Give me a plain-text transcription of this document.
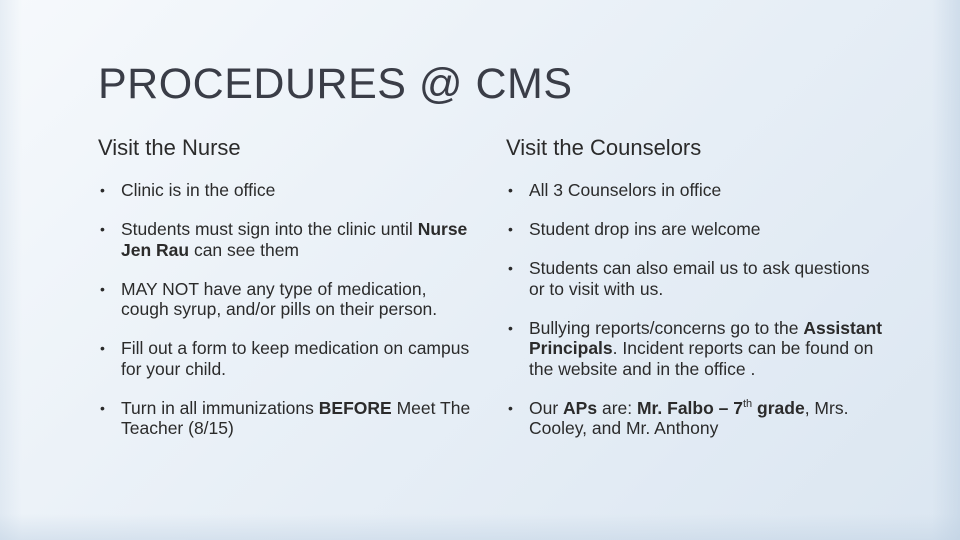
PROCEDURES @ CMS
Visit the Nurse
• Clinic is in the office
• Students must sign into the clinic until Nurse Jen Rau can see them
• MAY NOT have any type of medication, cough syrup, and/or pills on their person.
• Fill out a form to keep medication on campus for your child.
• Turn in all immunizations BEFORE Meet The Teacher (8/15)
Visit the Counselors
• All 3 Counselors in office
• Student drop ins are welcome
• Students can also email us to ask questions or to visit with us.
• Bullying reports/concerns go to the Assistant Principals. Incident reports can be found on the website and in the office .
• Our APs are: Mr. Falbo – 7th grade, Mrs. Cooley, and Mr. Anthony
